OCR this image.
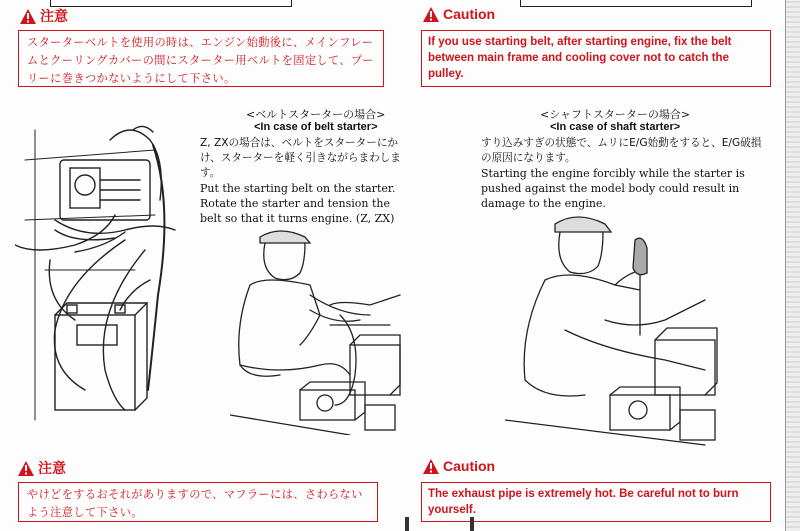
注意
スターターベルトを使用の時は、エンジン始動後に、メインフレームとクーリングカバーの間にスターター用ベルトを固定して、プーリーに巻きつかないようにして下さい。
Caution
If you use starting belt, after starting engine, fix the belt between main frame and cooling cover not to catch the pulley.
<ベルトスターターの場合>
<In case of belt starter>
Z, ZXの場合は、ベルトをスターターにかけ、スターターを軽く引きながらまわします。
Put the starting belt on the starter. Rotate the starter and tension the belt so that it turns engine. (Z, ZX)
<シャフトスターターの場合>
<In case of shaft starter>
すり込みすぎの状態で、ムリにE/G始動をすると、E/G破損の原因になります。
Starting the engine forcibly while the starter is pushed against the model body could result in damage to the engine.
注意
やけどをするおそれがありますので、マフラーには、さわらないよう注意して下さい。
Caution
The exhaust pipe is extremely hot. Be careful not to burn yourself.
